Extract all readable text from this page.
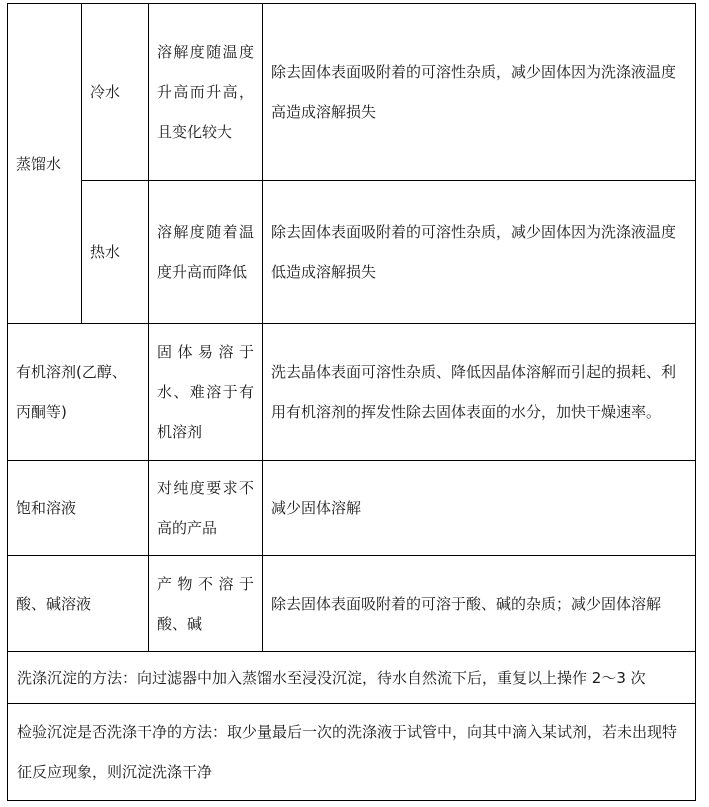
蒸馏水	冷水	溶解度随温度升高而升高，且变化较大	除去固体表面吸附着的可溶性杂质，减少固体因为洗涤液温度高造成溶解损失
	热水	溶解度随着温度升高而降低	除去固体表面吸附着的可溶性杂质，减少固体因为洗涤液温度低造成溶解损失
有机溶剂(乙醇、丙酮等)		固体易溶于水、难溶于有机溶剂	洗去晶体表面可溶性杂质、降低因晶体溶解而引起的损耗、利用有机溶剂的挥发性除去固体表面的水分，加快干燥速率。
饱和溶液		对纯度要求不高的产品	减少固体溶解
酸、碱溶液		产物不溶于酸、碱	除去固体表面吸附着的可溶于酸、碱的杂质；减少固体溶解
洗涤沉淀的方法：向过滤器中加入蒸馏水至浸没沉淀，待水自然流下后，重复以上操作 2～3 次			
检验沉淀是否洗涤干净的方法：取少量最后一次的洗涤液于试管中，向其中滴入某试剂，若未出现特征反应现象，则沉淀洗涤干净			
